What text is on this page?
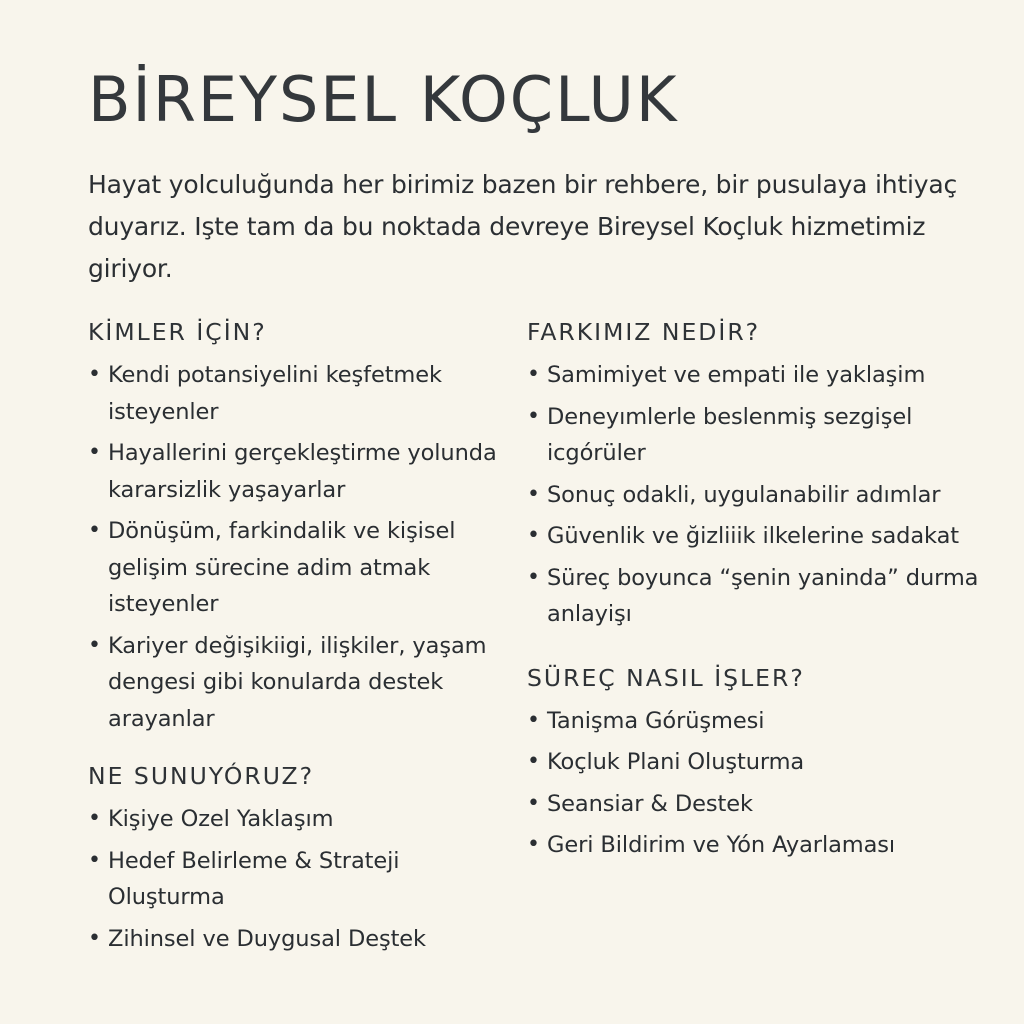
BİREYSEL KOÇLUK

Hayat yolculuğunda her birimiz bazen bir rehbere, bir pusulaya ihtiyaç duyarız. Işte tam da bu noktada devreye Bireysel Koçluk hizmetimiz giriyor.

KİMLER İÇİN?
• Kendi potansiyelini keşfetmek isteyenler
• Hayallerini gerçekleştirme yolunda kararsizlik yaşayarlar
• Dönüşüm, farkindalik ve kişisel gelişim sürecine adim atmak isteyenler
• Kariyer değişikiigi, ilişkiler, yaşam dengesi gibi konularda destek arayanlar
NE SUNUYÓRUZ?
• Kişiye Ozel Yaklaşım
• Hedef Belirleme & Strateji Oluşturma
• Zihinsel ve Duygusal Deştek
FARKIMIZ NEDİR?
• Samimiyet ve empati ile yaklaşim
• Deneyımlerle beslenmiş sezgişel icgórüler
• Sonuç odakli, uygulanabilir adımlar
• Güvenlik ve ğizliiik ilkelerine sadakat
• Süreç boyunca “şenin yaninda” durma anlayişı
SÜREÇ NASIL İŞLER?
• Tanişma Górüşmesi
• Koçluk Plani Oluşturma
• Seansiar & Destek
• Geri Bildirim ve Yón Ayarlaması
